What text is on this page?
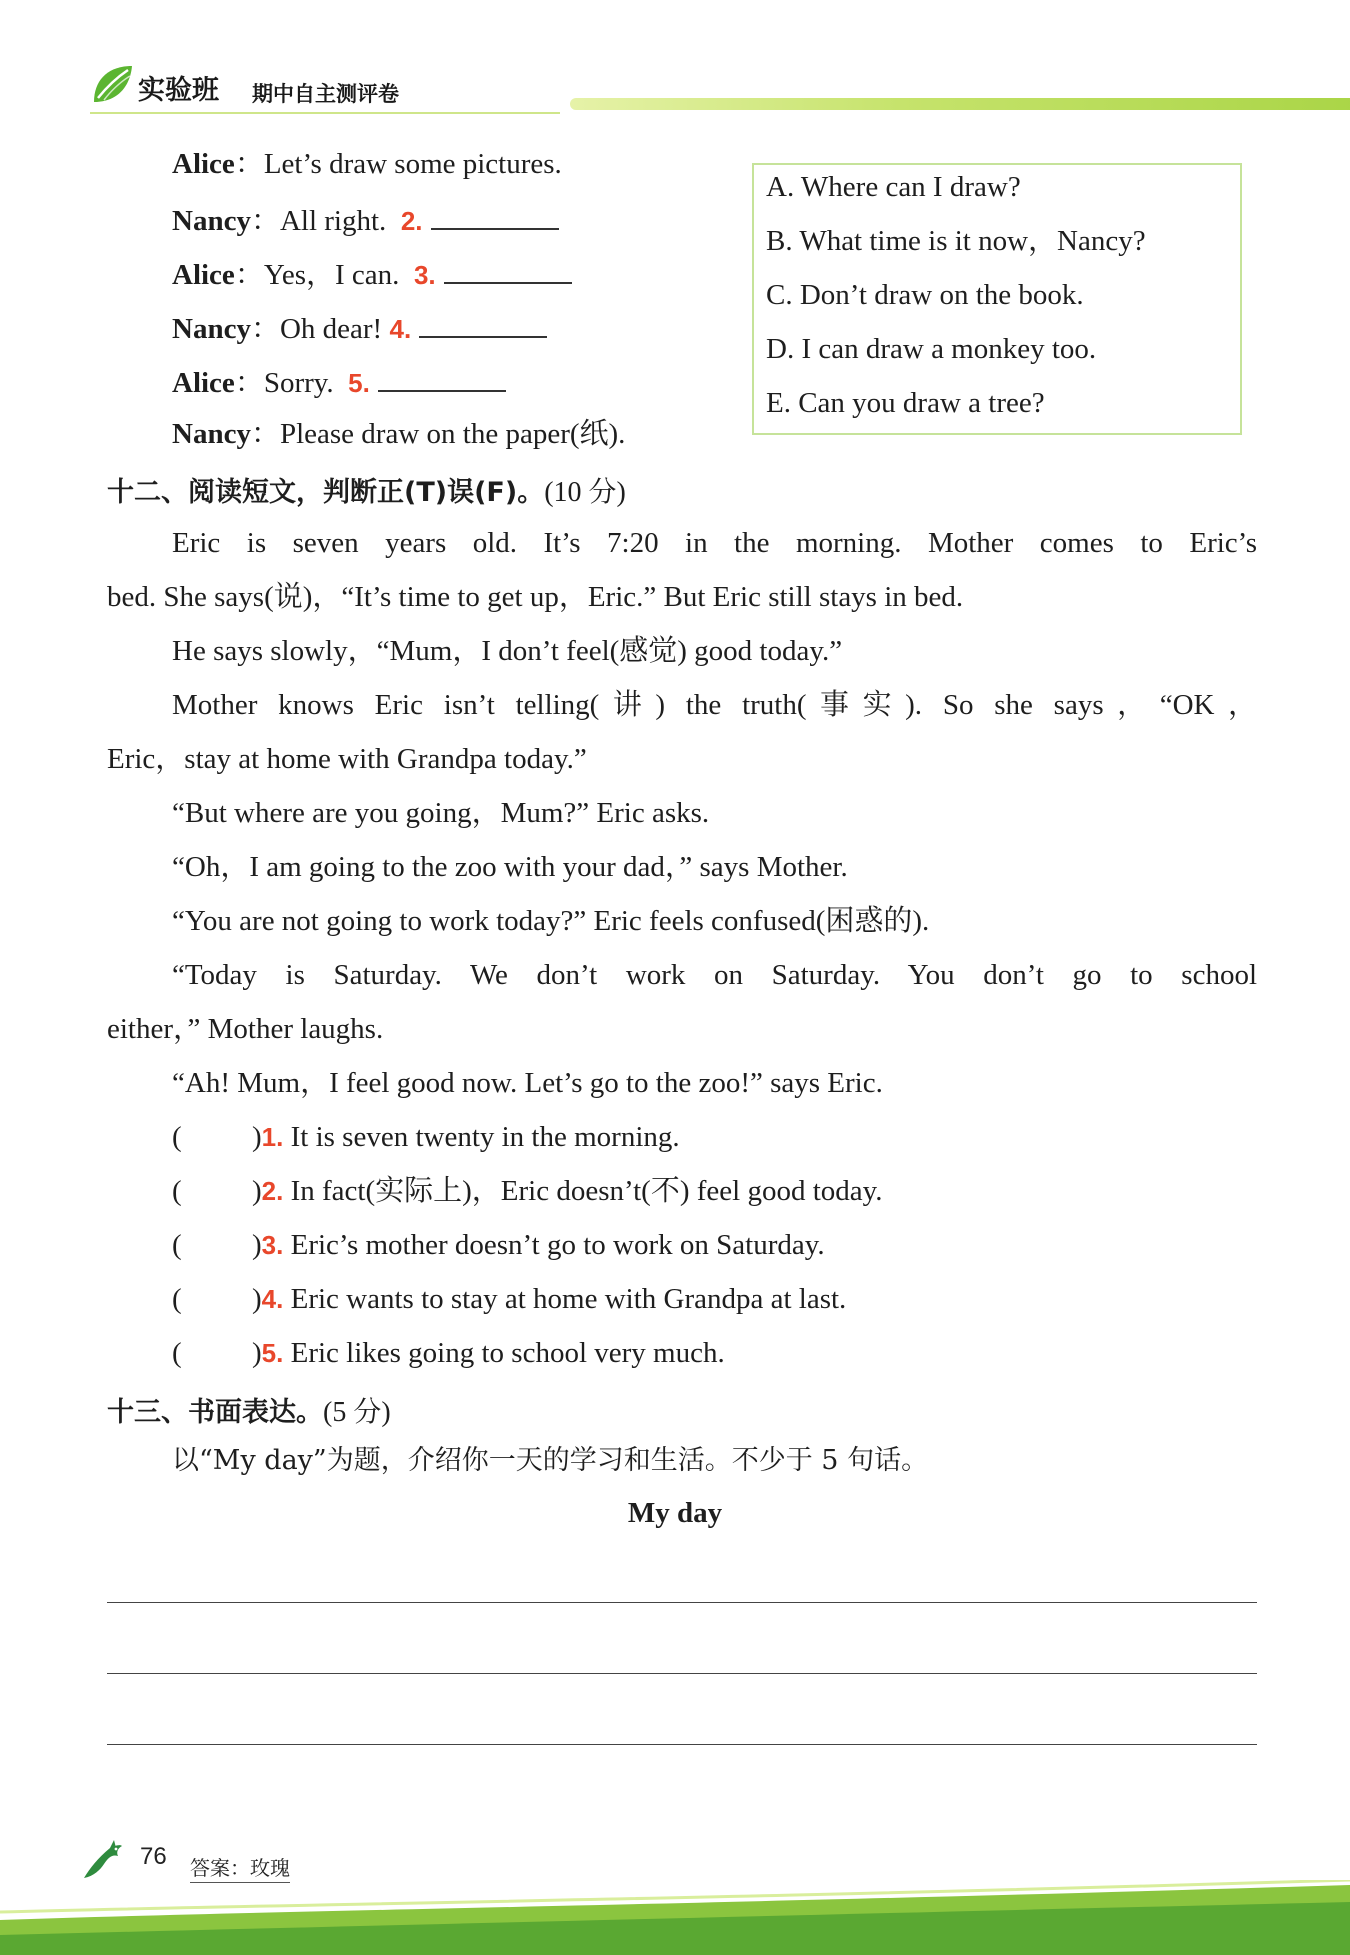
实验班 期中自主测评卷
Alice：Let’s draw some pictures.
Nancy：All right. 2.
Alice：Yes，I can. 3.
Nancy：Oh dear! 4.
Alice：Sorry. 5.
Nancy：Please draw on the paper(纸).
A. Where can I draw?
B. What time is it now，Nancy?
C. Don’t draw on the book.
D. I can draw a monkey too.
E. Can you draw a tree?
十二、阅读短文，判断正(T)误(F)。(10 分)
Eric is seven years old. It’s 7:20 in the morning. Mother comes to Eric’s
bed. She says(说)，“It’s time to get up，Eric.” But Eric still stays in bed.
He says slowly，“Mum，I don’t feel(感觉) good today.”
Mother knows Eric isn’t telling(讲) the truth(事实). So she says，“OK，
Eric，stay at home with Grandpa today.”
“But where are you going，Mum?” Eric asks.
“Oh，I am going to the zoo with your dad，” says Mother.
“You are not going to work today?” Eric feels confused(困惑的).
“Today is Saturday. We don’t work on Saturday. You don’t go to school
either，” Mother laughs.
“Ah! Mum，I feel good now. Let’s go to the zoo!” says Eric.
( )1. It is seven twenty in the morning.
( )2. In fact(实际上)，Eric doesn’t(不) feel good today.
( )3. Eric’s mother doesn’t go to work on Saturday.
( )4. Eric wants to stay at home with Grandpa at last.
( )5. Eric likes going to school very much.
十三、书面表达。(5 分)
以“My day”为题，介绍你一天的学习和生活。不少于 5 句话。
My day
76 答案：玫瑰
